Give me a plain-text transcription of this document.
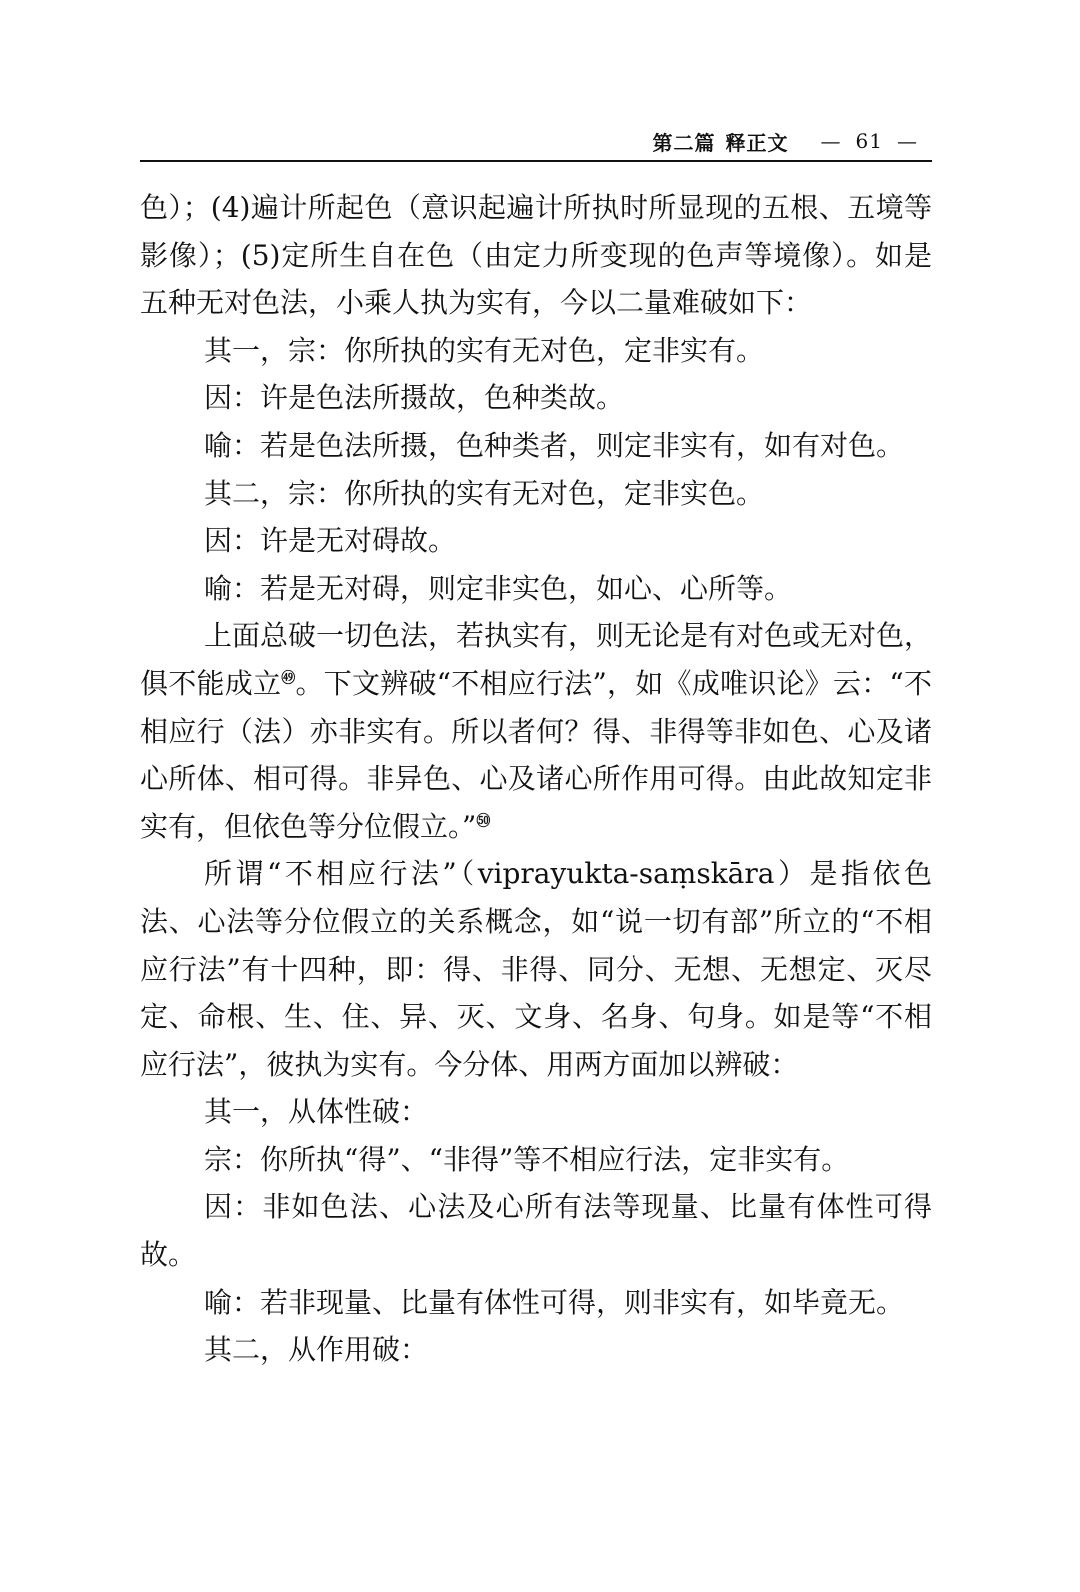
第二篇 释正文 — 61 —

色）；(4)遍计所起色（意识起遍计所执时所显现的五根、五境等影像）；(5)定所生自在色（由定力所变现的色声等境像）。如是五种无对色法，小乘人执为实有，今以二量难破如下：

其一，宗：你所执的实有无对色，定非实有。

因：许是色法所摄故，色种类故。

喻：若是色法所摄，色种类者，则定非实有，如有对色。

其二，宗：你所执的实有无对色，定非实色。

因：许是无对碍故。

喻：若是无对碍，则定非实色，如心、心所等。

上面总破一切色法，若执实有，则无论是有对色或无对色，俱不能成立$^㊾$。下文辨破“不相应行法”，如《成唯识论》云：“不相应行（法）亦非实有。所以者何？得、非得等非如色、心及诸心所体、相可得。非异色、心及诸心所作用可得。由此故知定非实有，但依色等分位假立。”$^㊿$

所谓“不相应行法”（viprayukta-saṃskāra）是指依色法、心法等分位假立的关系概念，如“说一切有部”所立的“不相应行法”有十四种，即：得、非得、同分、无想、无想定、灭尽定、命根、生、住、异、灭、文身、名身、句身。如是等“不相应行法”，彼执为实有。今分体、用两方面加以辨破：

其一，从体性破：

宗：你所执“得”、“非得”等不相应行法，定非实有。

因：非如色法、心法及心所有法等现量、比量有体性可得故。

喻：若非现量、比量有体性可得，则非实有，如毕竟无。

其二，从作用破：
